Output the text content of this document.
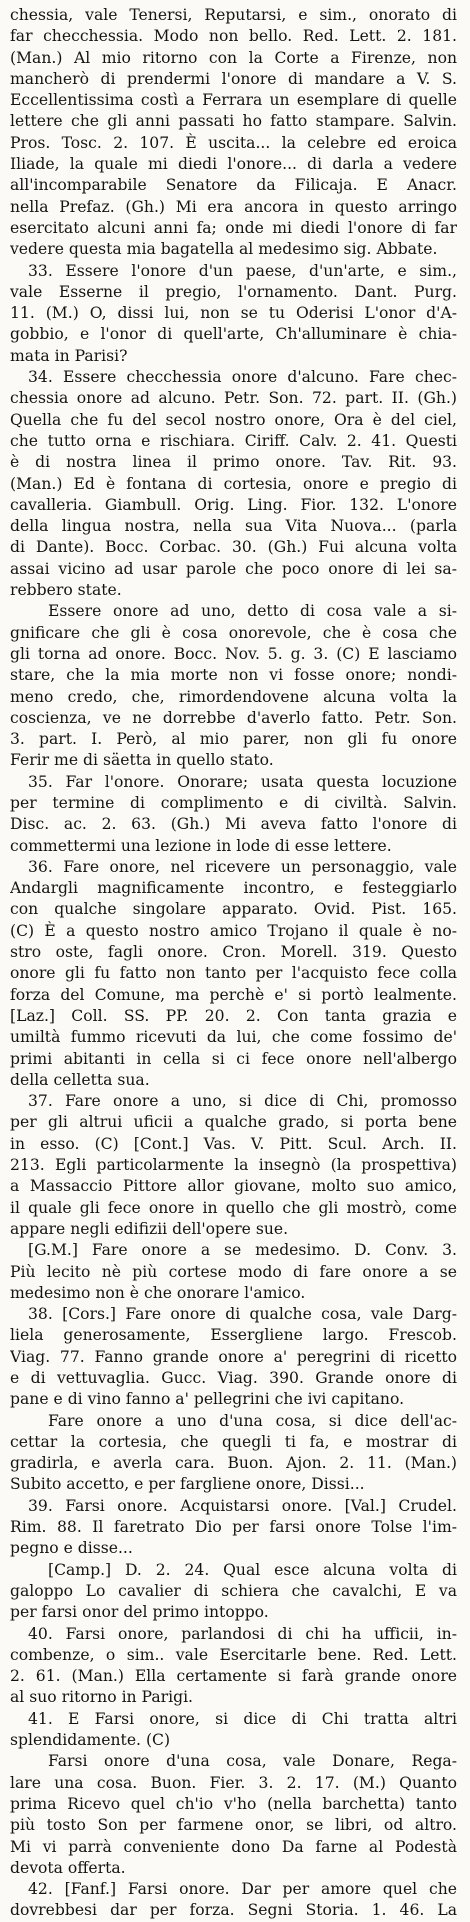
chessia, vale Tenersi, Reputarsi, e sim., onorato di
far checchessia. Modo non bello. Red. Lett. 2. 181.
(Man.) Al mio ritorno con la Corte a Firenze, non
mancherò di prendermi l'onore di mandare a V. S.
Eccellentissima costì a Ferrara un esemplare di quelle
lettere che gli anni passati ho fatto stampare. Salvin.
Pros. Tosc. 2. 107. È uscita... la celebre ed eroica
Iliade, la quale mi diedi l'onore... di darla a vedere
all'incomparabile Senatore da Filicaja. E Anacr.
nella Prefaz. (Gh.) Mi era ancora in questo arringo
esercitato alcuni anni fa; onde mi diedi l'onore di far
vedere questa mia bagatella al medesimo sig. Abbate.
33. Essere l'onore d'un paese, d'un'arte, e sim.,
vale Esserne il pregio, l'ornamento. Dant. Purg.
11. (M.) O, dissi lui, non se tu Oderisi L'onor d'A-
gobbio, e l'onor di quell'arte, Ch'alluminare è chia-
mata in Parisi?
34. Essere checchessia onore d'alcuno. Fare chec-
chessia onore ad alcuno. Petr. Son. 72. part. II. (Gh.)
Quella che fu del secol nostro onore, Ora è del ciel,
che tutto orna e rischiara. Ciriff. Calv. 2. 41. Questi
è di nostra linea il primo onore. Tav. Rit. 93.
(Man.) Ed è fontana di cortesia, onore e pregio di
cavalleria. Giambull. Orig. Ling. Fior. 132. L'onore
della lingua nostra, nella sua Vita Nuova... (parla
di Dante). Bocc. Corbac. 30. (Gh.) Fui alcuna volta
assai vicino ad usar parole che poco onore di lei sa-
rebbero state.
Essere onore ad uno, detto di cosa vale a si-
gnificare che gli è cosa onorevole, che è cosa che
gli torna ad onore. Bocc. Nov. 5. g. 3. (C) E lasciamo
stare, che la mia morte non vi fosse onore; nondi-
meno credo, che, rimordendovene alcuna volta la
coscienza, ve ne dorrebbe d'averlo fatto. Petr. Son.
3. part. I. Però, al mio parer, non gli fu onore
Ferir me di säetta in quello stato.
35. Far l'onore. Onorare; usata questa locuzione
per termine di complimento e di civiltà. Salvin.
Disc. ac. 2. 63. (Gh.) Mi aveva fatto l'onore di
commettermi una lezione in lode di esse lettere.
36. Fare onore, nel ricevere un personaggio, vale
Andargli magnificamente incontro, e festeggiarlo
con qualche singolare apparato. Ovid. Pist. 165.
(C) È a questo nostro amico Trojano il quale è no-
stro oste, fagli onore. Cron. Morell. 319. Questo
onore gli fu fatto non tanto per l'acquisto fece colla
forza del Comune, ma perchè e' si portò lealmente.
[Laz.] Coll. SS. PP. 20. 2. Con tanta grazia e
umiltà fummo ricevuti da lui, che come fossimo de'
primi abitanti in cella si ci fece onore nell'albergo
della celletta sua.
37. Fare onore a uno, si dice di Chi, promosso
per gli altrui uficii a qualche grado, si porta bene
in esso. (C) [Cont.] Vas. V. Pitt. Scul. Arch. II.
213. Egli particolarmente la insegnò (la prospettiva)
a Massaccio Pittore allor giovane, molto suo amico,
il quale gli fece onore in quello che gli mostrò, come
appare negli edifizii dell'opere sue.
[G.M.] Fare onore a se medesimo. D. Conv. 3.
Più lecito nè più cortese modo di fare onore a se
medesimo non è che onorare l'amico.
38. [Cors.] Fare onore di qualche cosa, vale Darg-
liela generosamente, Essergliene largo. Frescob.
Viag. 77. Fanno grande onore a' peregrini di ricetto
e di vettuvaglia. Gucc. Viag. 390. Grande onore di
pane e di vino fanno a' pellegrini che ivi capitano.
Fare onore a uno d'una cosa, si dice dell'ac-
cettar la cortesia, che quegli ti fa, e mostrar di
gradirla, e averla cara. Buon. Ajon. 2. 11. (Man.)
Subito accetto, e per fargliene onore, Dissi...
39. Farsi onore. Acquistarsi onore. [Val.] Crudel.
Rim. 88. Il faretrato Dio per farsi onore Tolse l'im-
pegno e disse...
[Camp.] D. 2. 24. Qual esce alcuna volta di
galoppo Lo cavalier di schiera che cavalchi, E va
per farsi onor del primo intoppo.
40. Farsi onore, parlandosi di chi ha ufficii, in-
combenze, o sim.. vale Esercitarle bene. Red. Lett.
2. 61. (Man.) Ella certamente si farà grande onore
al suo ritorno in Parigi.
41. E Farsi onore, si dice di Chi tratta altri
splendidamente. (C)
Farsi onore d'una cosa, vale Donare, Rega-
lare una cosa. Buon. Fier. 3. 2. 17. (M.) Quanto
prima Ricevo quel ch'io v'ho (nella barchetta) tanto
più tosto Son per farmene onor, se libri, od altro.
Mi vi parrà conveniente dono Da farne al Podestà
devota offerta.
42. [Fanf.] Farsi onore. Dar per amore quel che
dovrebbesi dar per forza. Segni Storia. 1. 46. La
